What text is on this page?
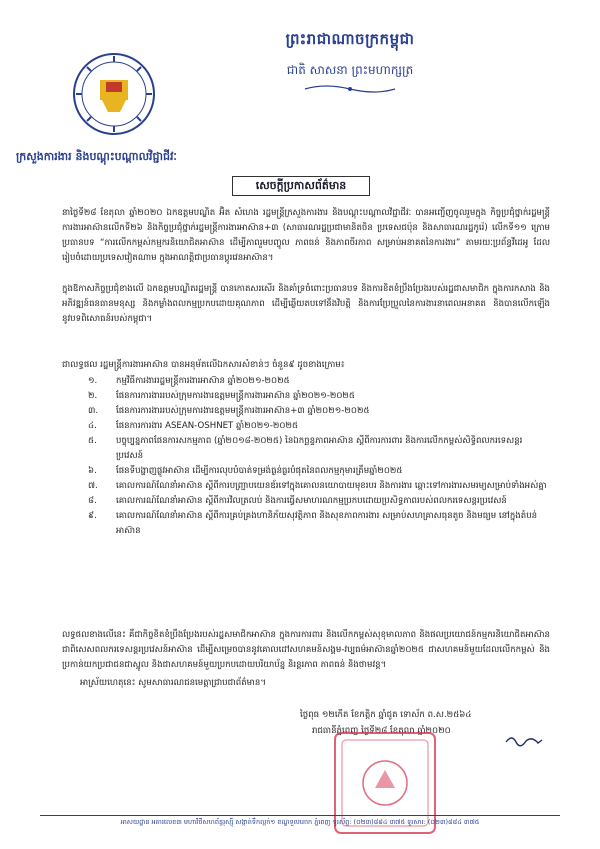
ព្រះរាជាណាចក្រកម្ពុជា
ជាតិ សាសនា ព្រះមហាក្សត្រ
ក្រសួងការងារ និងបណ្តុះបណ្តាលវិជ្ជាជីវៈ
សេចក្តីប្រកាសព័ត៌មាន
នាថ្ងៃទី២៨ ខែតុលា ឆ្នាំ២០២០ ឯកឧត្តមបណ្ឌិត អ៊ិត សំហេង រដ្ឋមន្ត្រីក្រសួងការងារ និងបណ្តុះបណ្តាលវិជ្ជាជីវៈ បានអញ្ជើញចូលរួមក្នុង កិច្ចប្រជុំថ្នាក់រដ្ឋមន្ត្រីការងារអាស៊ានលើកទី២៦ និងកិច្ចប្រជុំថ្នាក់រដ្ឋមន្ត្រីការងារអាស៊ាន+៣ (សាធារណរដ្ឋប្រជាមានិតចិន ប្រទេសជប៉ុន និងសាធារណរដ្ឋកូរ៉េ) លើកទី១១ ក្រោមប្រធានបទ “ការលើកកម្ពស់កម្មករនិយោជិតអាស៊ាន ដើម្បីភាពរួមបញ្ចូល ភាពធន់ និងភាពចីរភាព សម្រាប់អនាគតនៃការងារ” តាមរយៈប្រព័ន្ធវីដេអូ ដែលរៀបចំដោយប្រទេសវៀតណាម ក្នុងអាណត្តិជាប្រធានប្តូរវេនអាស៊ាន។
ក្នុងឱកាសកិច្ចប្រជុំខាងលើ ឯកឧត្តមបណ្ឌិតរដ្ឋមន្ត្រី បានកោតសរសើរ និងគាំទ្រចំពោះប្រធានបទ និងការខិតខំប្រឹងប្រែងរបស់រដ្ឋជាសមាជិក ក្នុងការកសាង និងអភិវឌ្ឍន៍ធនធានមនុស្ស និងកម្លាំងពលកម្មប្រកបដោយគុណភាព ដើម្បីឆ្លើយតបទៅនឹងវិបត្តិ និងការប្រែប្រួលនៃការងារនាពេលអនាគត និងបានលើកឡើងនូវបទពិសោធន៍របស់កម្ពុជា។
ជាលទ្ធផល រដ្ឋមន្ត្រីការងារអាស៊ាន បានអនុម័តលើឯកសារសំខាន់ៗ ចំនួន៩ ដូចខាងក្រោម៖
១.	កម្មវិធីការងាររដ្ឋមន្ត្រីការងារអាស៊ាន ឆ្នាំ២០២១-២០២៥
២.	ផែនការការងាររបស់ក្រុមការងារឧត្តមមន្ត្រីការងារអាស៊ាន ឆ្នាំ២០២១-២០២៥
៣.	ផែនការការងាររបស់ក្រុមការងារឧត្តមមន្ត្រីការងារអាស៊ាន+៣ ឆ្នាំ២០២១-២០២៥
៤.	ផែនការការងារ ASEAN-OSHNET ឆ្នាំ២០២១-២០២៥
៥.	បច្ចុប្បន្នភាពផែនការសកម្មភាព (ឆ្នាំ២០១៨-២០២៥) នៃឯកច្ឆន្ទភាពអាស៊ាន ស្តីពីការការពារ និងការលើកកម្ពស់សិទ្ធិពលករទេសន្តរប្រវេសន៍
៦.	ផែនទីបង្ហាញផ្លូវអាស៊ាន ដើម្បីការលុបបំបាត់ទម្រង់ធ្ងន់ធ្ងរបំផុតនៃពលកម្មកុមារត្រឹមឆ្នាំ២០២៥
៧.	គោលការណ៍ណែនាំអាស៊ាន ស្តីពីការបញ្ជ្រាបយេនឌ័រទៅក្នុងគោលនយោបាយមុខរបរ និងការងារ ឆ្ពោះទៅការងារសមរម្យសម្រាប់ទាំងអស់គ្នា
៨.	គោលការណ៍ណែនាំអាស៊ាន ស្តីពីការវិលត្រលប់ និងការធ្វើសមាហរណកម្មប្រកបដោយប្រសិទ្ធភាពរបស់ពលករទេសន្តរប្រវេសន៍
៩.	គោលការណ៍ណែនាំអាស៊ាន ស្តីពីការគ្រប់គ្រងហានិភ័យសុវត្ថិភាព និងសុខភាពការងារ សម្រាប់សហគ្រាសធុនតូច និងមធ្យម នៅក្នុងតំបន់អាស៊ាន
លទ្ធផលខាងលើនេះ គឺជាកិច្ចខិតខំប្រឹងប្រែងរបស់រដ្ឋសមាជិកអាស៊ាន ក្នុងការការពារ និងលើកកម្ពស់សុខុមាលភាព និងផលប្រយោជន៍កម្មករនិយោជិតអាស៊ាន ជាពិសេសពលករទេសន្តរប្រវេសន៍អាស៊ាន ដើម្បីសម្រេចបាននូវគោលដៅសហគមន៍សង្គម-វប្បធម៌អាស៊ានឆ្នាំ២០២៥ ជាសហគមន៍មួយដែលលើកកម្ពស់ និងប្រកាន់យកប្រជាជនជាស្នូល និងជាសហគមន៍មួយប្រកបដោយបរិយាប័ន្ន និរន្តរភាព ភាពធន់ និងថាមវន្ត។
អាស្រ័យហេតុនេះ សូមសាធារណជនមេត្តាជ្រាបជាព័ត៌មាន។
ថ្ងៃពុធ ១២កើត ខែកត្តិក ឆ្នាំជូត ទោស័ក ព.ស.២៥៦៤
រាជធានីភ្នំពេញ ថ្ងៃទី២៨ ខែតុលា ឆ្នាំ២០២០
អាសយដ្ឋាន អគារលេខ៣ មហាវិថីសហព័ន្ធរុស្ស៊ី សង្កាត់ទឹកល្អក់១ ខណ្ឌទួលគោក ភ្នំពេញ ទូរស័ព្ទ: (០២៣)៨៨៤ ៣៧៥ ទូរសារ: (០២៣)៨៨៤ ៣៧៥
